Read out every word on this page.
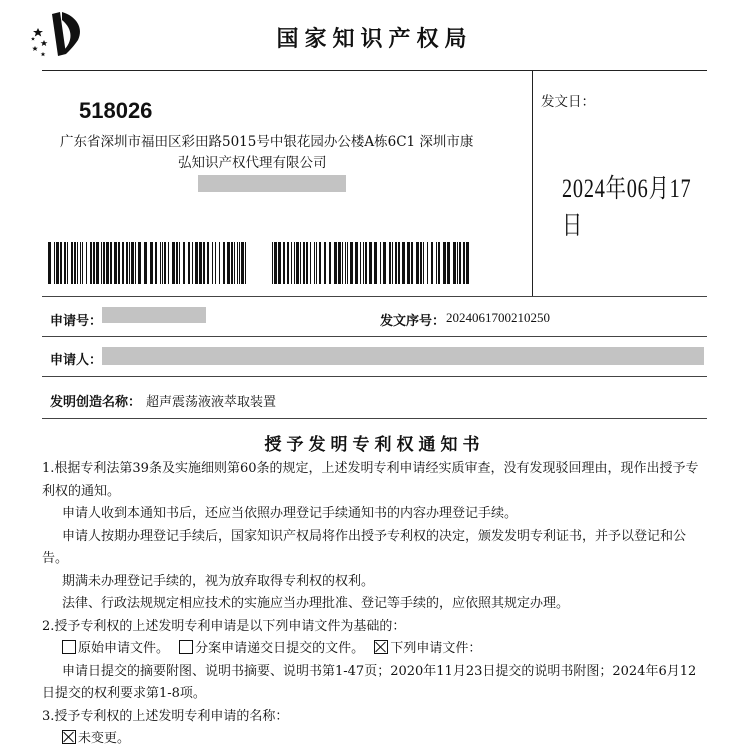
国家知识产权局
518026
广东省深圳市福田区彩田路5015号中银花园办公楼A栋6C1 深圳市康
弘知识产权代理有限公司
发文日：
2024年06月17日
申请号：	发文序号： 2024061700210250
申请人：
发明创造名称： 超声震荡液液萃取装置
授予发明专利权通知书

1.根据专利法第39条及实施细则第60条的规定，上述发明专利申请经实质审查，没有发现驳回理由，现作出授予专利权的通知。

申请人收到本通知书后，还应当依照办理登记手续通知书的内容办理登记手续。

申请人按期办理登记手续后，国家知识产权局将作出授予专利权的决定，颁发发明专利证书，并予以登记和公告。

期满未办理登记手续的，视为放弃取得专利权的权利。

法律、行政法规规定相应技术的实施应当办理批准、登记等手续的，应依照其规定办理。

2.授予专利权的上述发明专利申请是以下列申请文件为基础的：

原始申请文件。 分案申请递交日提交的文件。 下列申请文件：

申请日提交的摘要附图、说明书摘要、说明书第1-47页；2020年11月23日提交的说明书附图；2024年6月12日提交的权利要求第1-8项。

3.授予专利权的上述发明专利申请的名称：

未变更。
